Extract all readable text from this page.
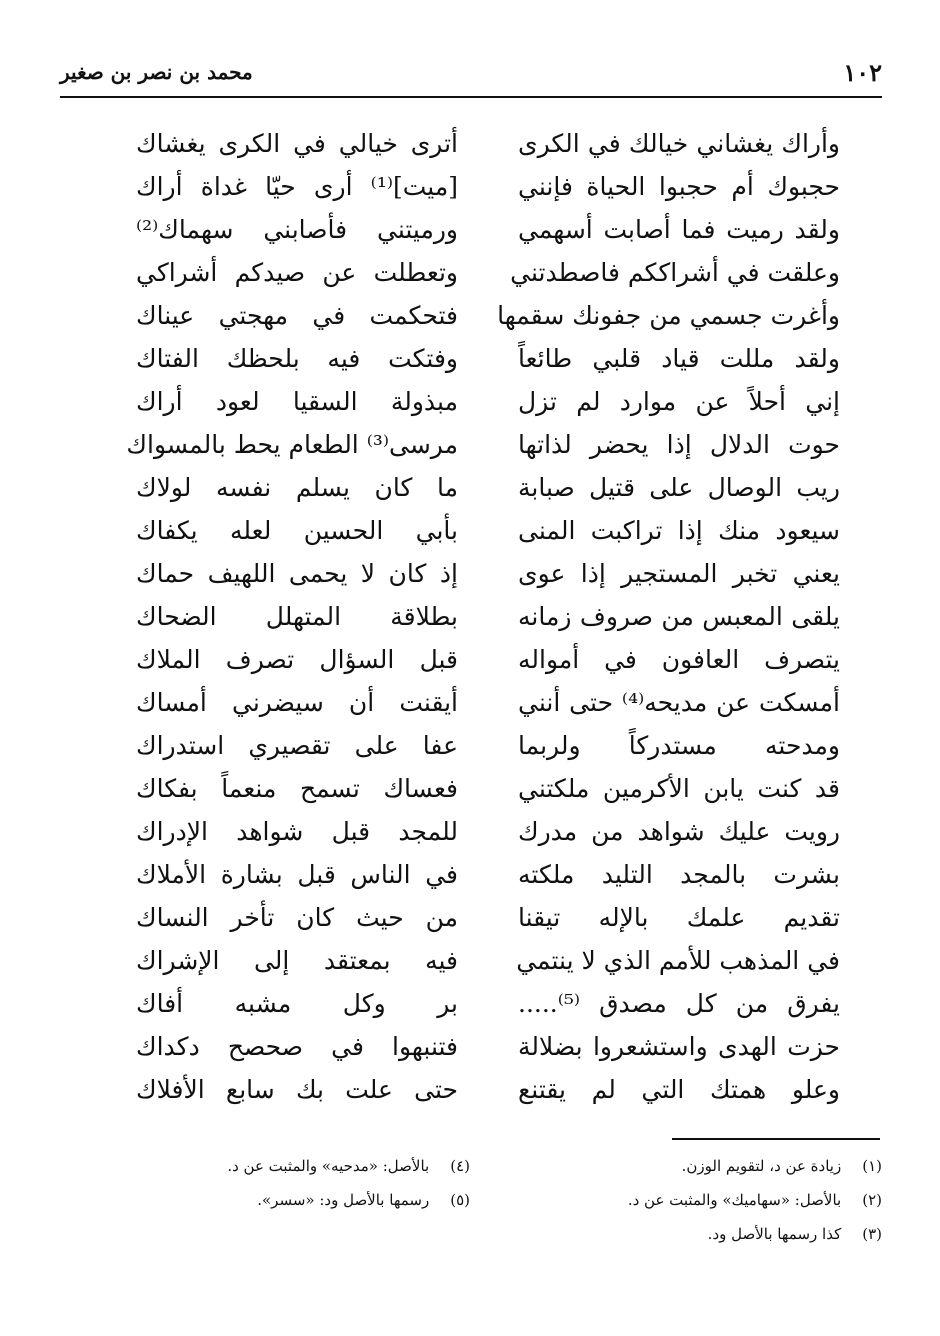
١٠٢
محمد بن نصر بن صغير
وأراك يغشاني خيالك في الكرى
أترى خيالي في الكرى يغشاك
حجبوك أم حجبوا الحياة فإنني
[ميت]⁽¹⁾ أرى حيّا غداة أراك
ولقد رميت فما أصابت أسهمي
ورميتني فأصابني سهماك⁽²⁾
وعلقت في أشراككم فاصطدتني
وتعطلت عن صيدكم أشراكي
وأغرت جسمي من جفونك سقمها
فتحكمت في مهجتي عيناك
ولقد مللت قياد قلبي طائعاً
وفتكت فيه بلحظك الفتاك
إني أحلاً عن موارد لم تزل
مبذولة السقيا لعود أراك
حوت الدلال إذا يحضر لذاتها
مرسى⁽³⁾ الطعام يحط بالمسواك
ريب الوصال على قتيل صبابة
ما كان يسلم نفسه لولاك
سيعود منك إذا تراكبت المنى
بأبي الحسين لعله يكفاك
يعني تخبر المستجير إذا عوى
إذ كان لا يحمى اللهيف حماك
يلقى المعبس من صروف زمانه
بطلاقة المتهلل الضحاك
يتصرف العافون في أمواله
قبل السؤال تصرف الملاك
أمسكت عن مديحه⁽⁴⁾ حتى أنني
أيقنت أن سيضرني أمساك
ومدحته مستدركاً ولربما
عفا على تقصيري استدراك
قد كنت يابن الأكرمين ملكتني
فعساك تسمح منعماً بفكاك
رويت عليك شواهد من مدرك
للمجد قبل شواهد الإدراك
بشرت بالمجد التليد ملكته
في الناس قبل بشارة الأملاك
تقديم علمك بالإله تيقنا
من حيث كان تأخر النساك
في المذهب للأمم الذي لا ينتمي
فيه بمعتقد إلى الإشراك
يفرق من كل مصدق ⁽⁵⁾.....
بر وكل مشبه أفاك
حزت الهدى واستشعروا بضلالة
فتنبهوا في صحصح دكداك
وعلو همتك التي لم يقتنع
حتى علت بك سابع الأفلاك
(١) زيادة عن د، لتقويم الوزن.
(٢) بالأصل: «سهاميك» والمثبت عن د.
(٣) كذا رسمها بالأصل ود.
(٤) بالأصل: «مدحيه» والمثبت عن د.
(٥) رسمها بالأصل ود: «سسر».
